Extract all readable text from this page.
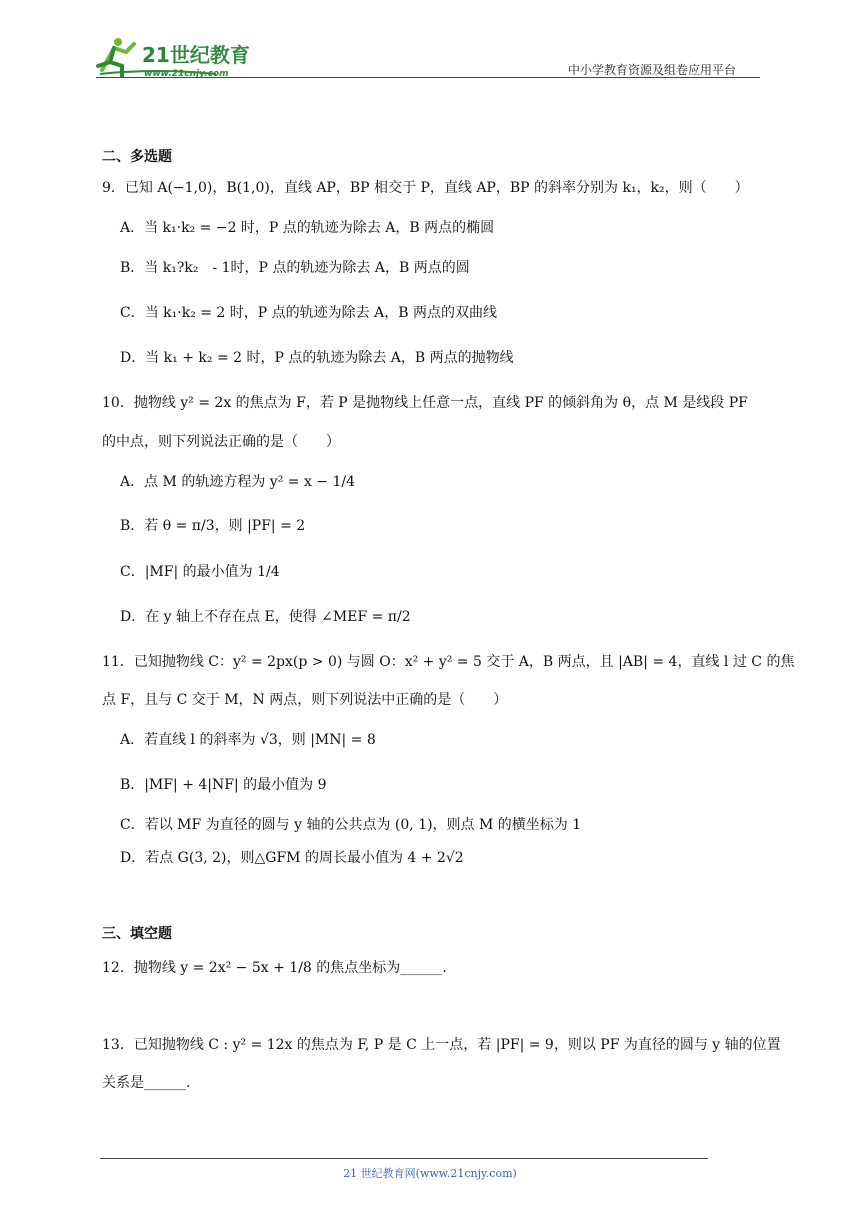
21世纪教育
www.21cnjy.com	中小学教育资源及组卷应用平台
二、多选题
9．已知 A(−1,0)，B(1,0)，直线 AP，BP 相交于 P，直线 AP，BP 的斜率分别为 k₁，k₂，则（　　）
A．当 k₁·k₂ = −2 时，P 点的轨迹为除去 A，B 两点的椭圆
B．当 k₁?k₂　- 1时，P 点的轨迹为除去 A，B 两点的圆
C．当 k₁·k₂ = 2 时，P 点的轨迹为除去 A，B 两点的双曲线
D．当 k₁ + k₂ = 2 时，P 点的轨迹为除去 A，B 两点的抛物线
10．抛物线 y² = 2x 的焦点为 F，若 P 是抛物线上任意一点，直线 PF 的倾斜角为 θ，点 M 是线段 PF
的中点，则下列说法正确的是（　　）
A．点 M 的轨迹方程为 y² = x − 1/4
B．若 θ = π/3，则 |PF| = 2
C．|MF| 的最小值为 1/4
D．在 y 轴上不存在点 E，使得 ∠MEF = π/2
11．已知抛物线 C：y² = 2px(p > 0) 与圆 O：x² + y² = 5 交于 A，B 两点，且 |AB| = 4，直线 l 过 C 的焦
点 F，且与 C 交于 M，N 两点，则下列说法中正确的是（　　）
A．若直线 l 的斜率为 √3，则 |MN| = 8
B．|MF| + 4|NF| 的最小值为 9
C．若以 MF 为直径的圆与 y 轴的公共点为 (0, 1)，则点 M 的横坐标为 1
D．若点 G(3, 2)，则△GFM 的周长最小值为 4 + 2√2
三、填空题
12．抛物线 y = 2x² − 5x + 1/8 的焦点坐标为______.
13．已知抛物线 C : y² = 12x 的焦点为 F, P 是 C 上一点，若 |PF| = 9，则以 PF 为直径的圆与 y 轴的位置
关系是______.
21 世纪教育网(www.21cnjy.com)
